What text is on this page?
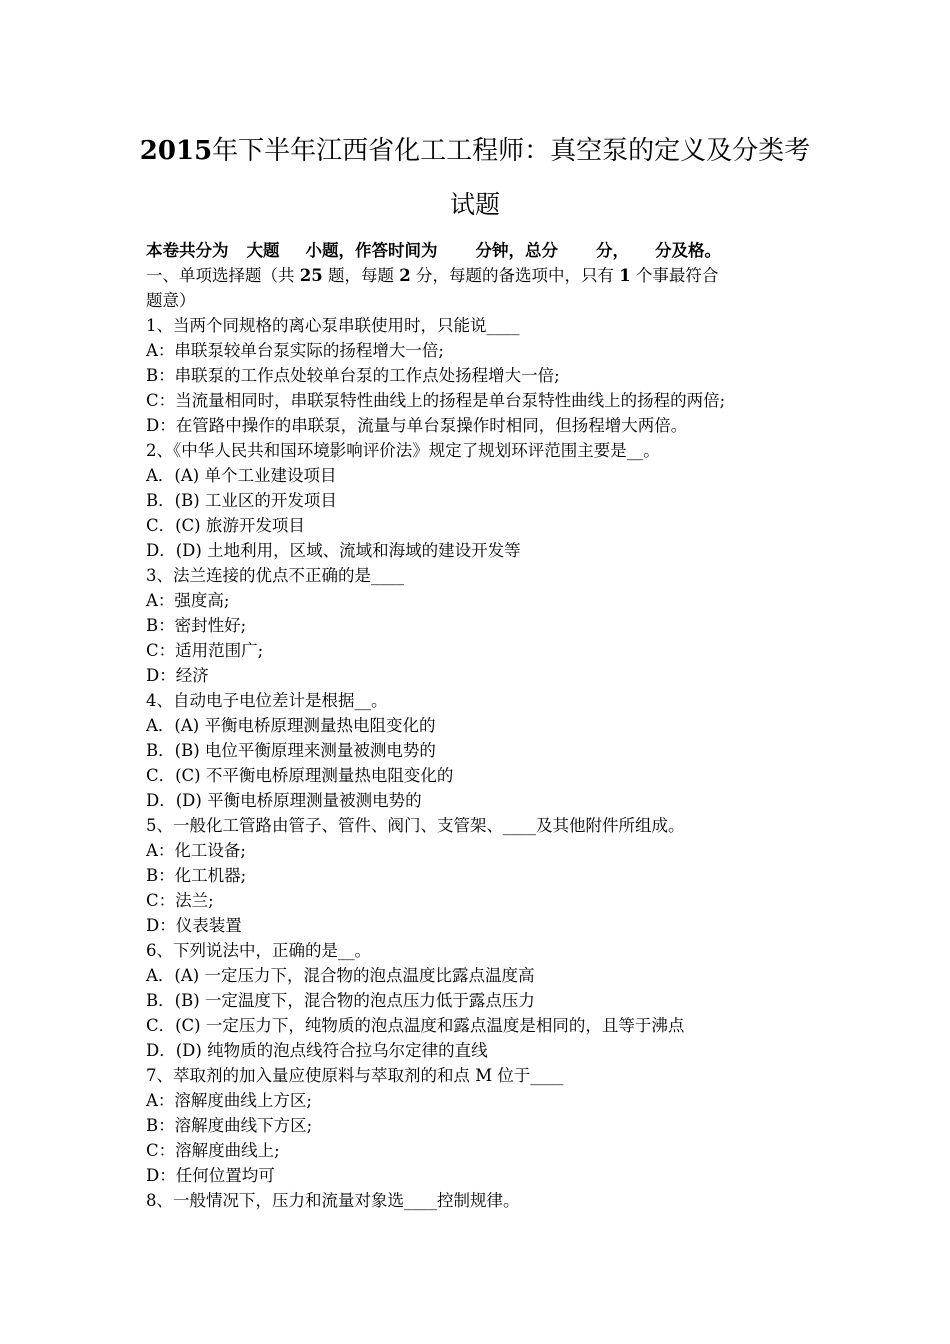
2015年下半年江西省化工工程师：真空泵的定义及分类考
试题
本卷共分为 大题 小题，作答时间为 分钟，总分 分， 分及格。
一、单项选择题（共 25 题，每题 2 分，每题的备选项中，只有 1 个事最符合
题意）
1、当两个同规格的离心泵串联使用时，只能说____
A：串联泵较单台泵实际的扬程增大一倍;
B：串联泵的工作点处较单台泵的工作点处扬程增大一倍;
C：当流量相同时，串联泵特性曲线上的扬程是单台泵特性曲线上的扬程的两倍;
D：在管路中操作的串联泵，流量与单台泵操作时相同，但扬程增大两倍。
2、《中华人民共和国环境影响评价法》规定了规划环评范围主要是__。
A．(A) 单个工业建设项目
B．(B) 工业区的开发项目
C．(C) 旅游开发项目
D．(D) 土地利用，区域、流域和海域的建设开发等
3、法兰连接的优点不正确的是____
A：强度高;
B：密封性好;
C：适用范围广;
D：经济
4、自动电子电位差计是根据__。
A．(A) 平衡电桥原理测量热电阻变化的
B．(B) 电位平衡原理来测量被测电势的
C．(C) 不平衡电桥原理测量热电阻变化的
D．(D) 平衡电桥原理测量被测电势的
5、一般化工管路由管子、管件、阀门、支管架、____及其他附件所组成。
A：化工设备;
B：化工机器;
C：法兰;
D：仪表装置
6、下列说法中，正确的是__。
A．(A) 一定压力下，混合物的泡点温度比露点温度高
B．(B) 一定温度下，混合物的泡点压力低于露点压力
C．(C) 一定压力下，纯物质的泡点温度和露点温度是相同的，且等于沸点
D．(D) 纯物质的泡点线符合拉乌尔定律的直线
7、萃取剂的加入量应使原料与萃取剂的和点 M 位于____
A：溶解度曲线上方区;
B：溶解度曲线下方区;
C：溶解度曲线上;
D：任何位置均可
8、一般情况下，压力和流量对象选____控制规律。
